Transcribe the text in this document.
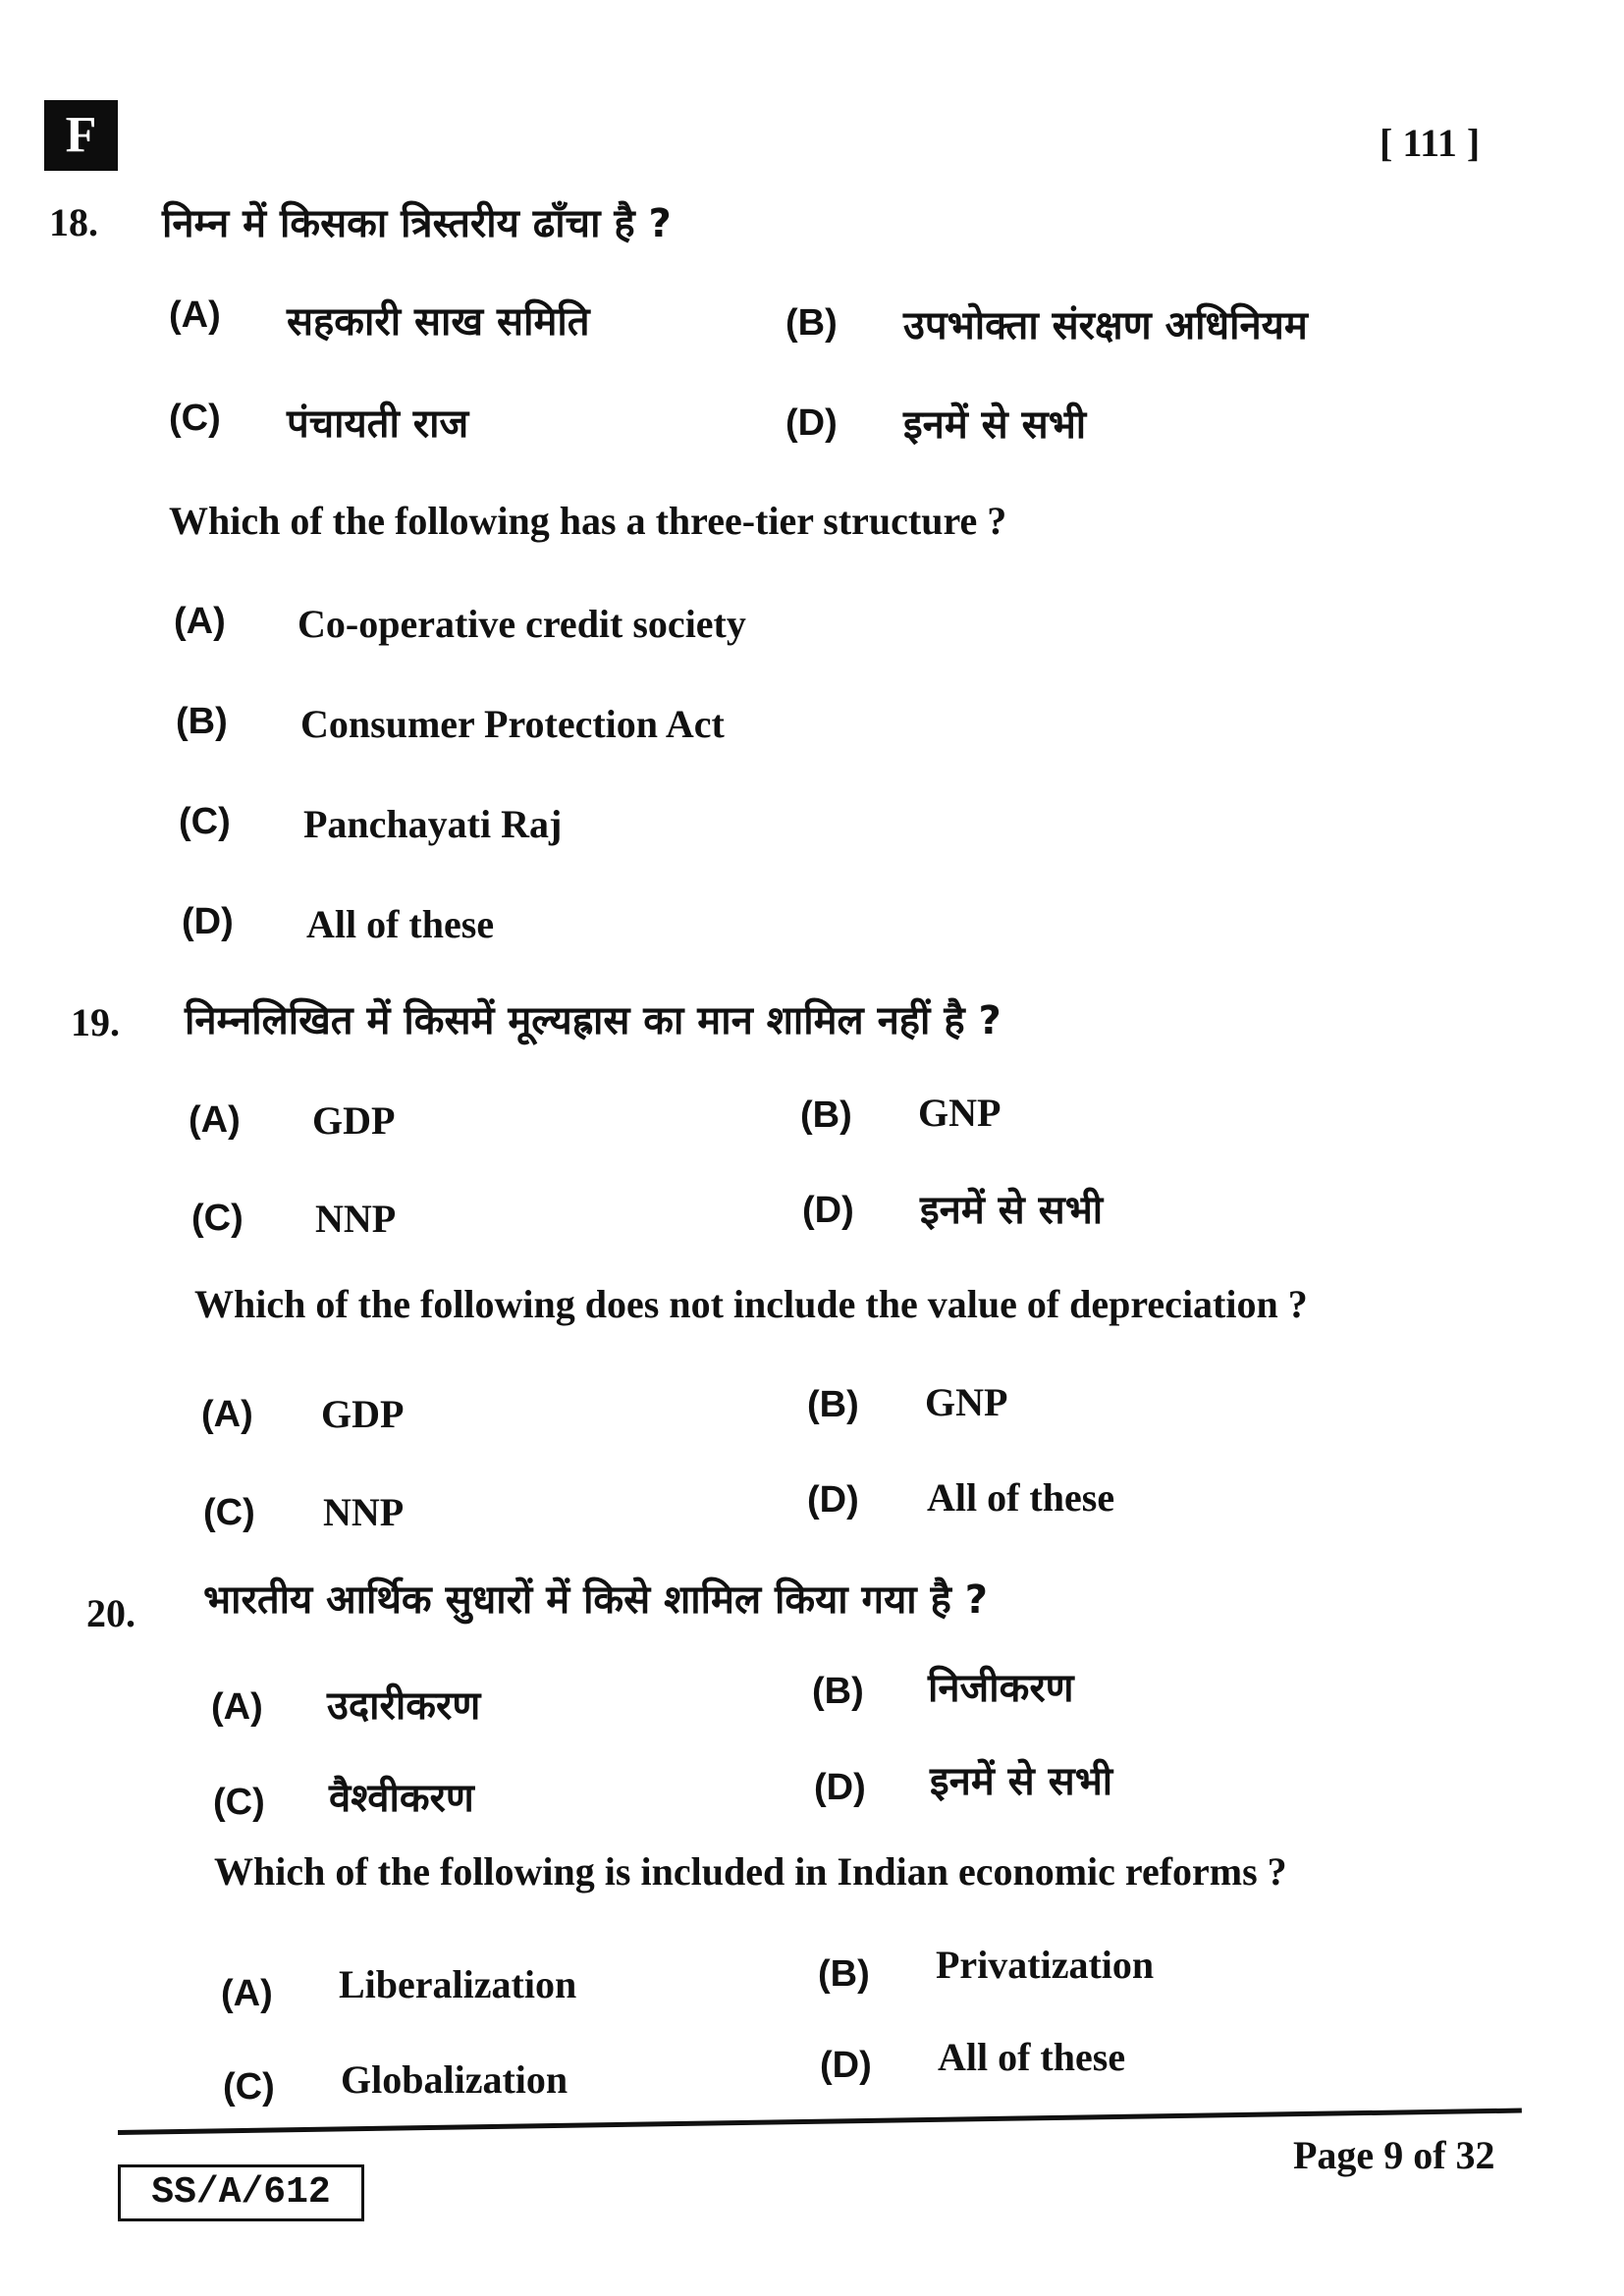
F	[ 111 ]
18. निम्न में किसका त्रिस्तरीय ढाँचा है ?
(A) सहकारी साख समिति	(B) उपभोक्ता संरक्षण अधिनियम
(C) पंचायती राज	(D) इनमें से सभी
Which of the following has a three-tier structure ?
(A) Co-operative credit society
(B) Consumer Protection Act
(C) Panchayati Raj
(D) All of these
19. निम्नलिखित में किसमें मूल्यह्रास का मान शामिल नहीं है ?
(A) GDP	(B) GNP
(C) NNP	(D) इनमें से सभी
Which of the following does not include the value of depreciation ?
(A) GDP	(B) GNP
(C) NNP	(D) All of these
20. भारतीय आर्थिक सुधारों में किसे शामिल किया गया है ?
(A) उदारीकरण	(B) निजीकरण
(C) वैश्वीकरण	(D) इनमें से सभी
Which of the following is included in Indian economic reforms ?
(A) Liberalization	(B) Privatization
(C) Globalization	(D) All of these
SS/A/612
Page 9 of 32
